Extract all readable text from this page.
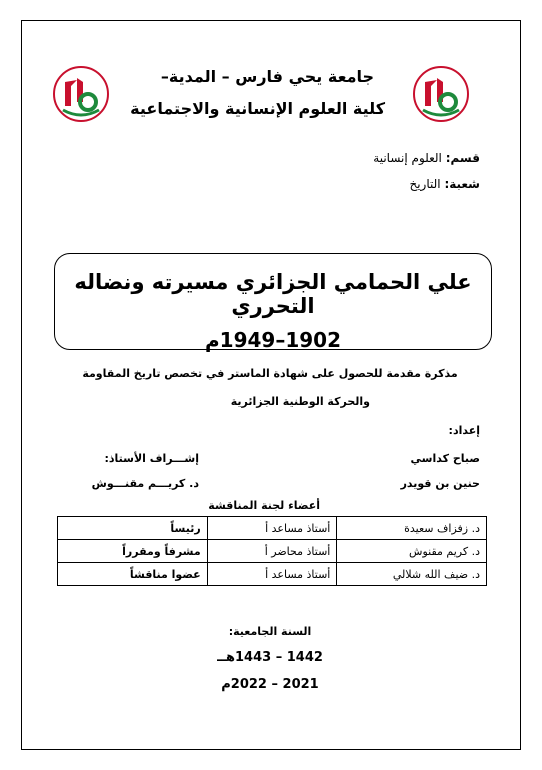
جامعة يحي فارس – المدية–
كلية العلوم الإنسانية والاجتماعية
قسم: العلوم إنسانية
شعبة: التاريخ
علي الحمامي الجزائري مسيرته ونضاله التحرري
1902–1949م
مذكرة مقدمة للحصول على شهادة الماستر في تخصص تاريخ المقاومة
والحركة الوطنية الجزائرية
إعداد:
صباح كداسي
حنين بن قويدر
إشـــراف الأستاذ:
د. كريـــم مقنـــوش
أعضاء لجنة المناقشة
د. زفزاف سعيدة	أستاذ مساعد أ	رئيساً
د. كريم مقنوش	أستاذ محاضر أ	مشرفاً ومقرراً
د. ضيف الله شلالي	أستاذ مساعد أ	عضوا مناقشاً
السنة الجامعية:
1442 – 1443هــ
2021 – 2022م
